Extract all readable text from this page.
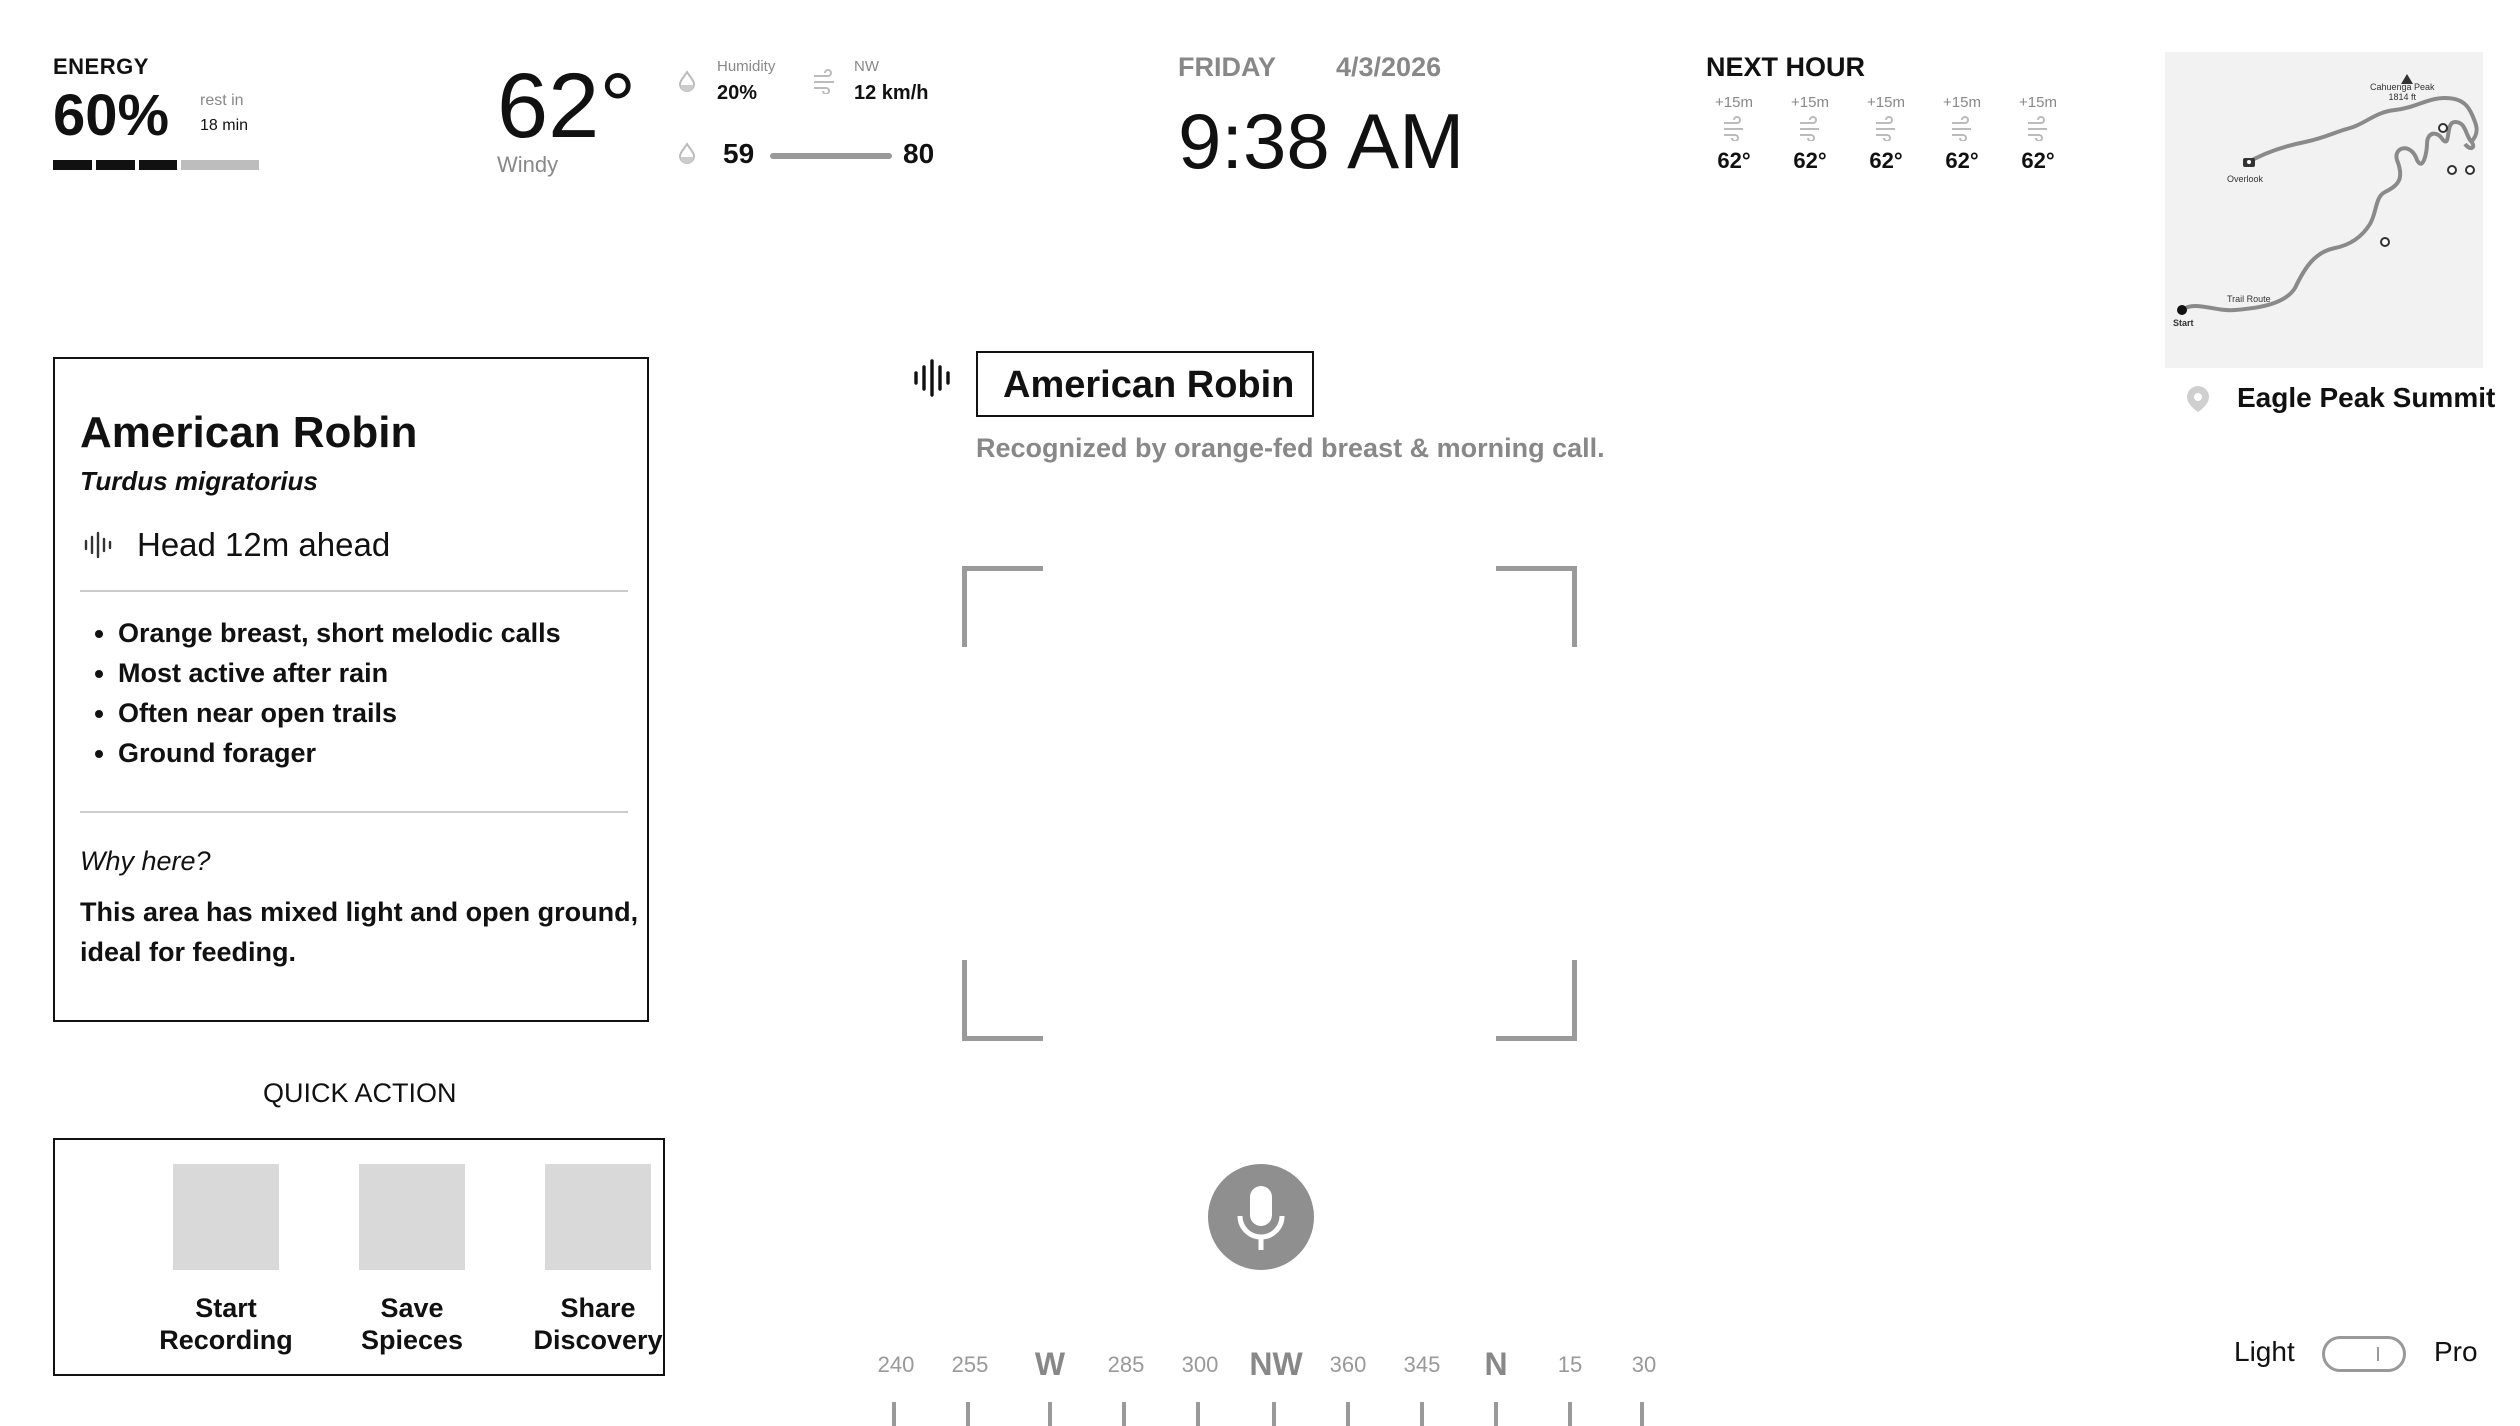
ENERGY
60% rest in
18 min	62°
Windy
Humidity
20%
NW
12 km/h
59	80
FRIDAY 4/3/2026
9:38 AM
NEXT HOUR
+15m
62°
+15m
62°
+15m
62°
+15m
62°
+15m
62°
Cahuenga Peak
1814 ft
Overlook
Trail Route
Start
Eagle Peak Summit
American Robin
Turdus migratorius
Head 12m ahead
• Orange breast, short melodic calls
• Most active after rain
• Often near open trails
• Ground forager
Why here?
This area has mixed light and open ground, ideal for feeding.
QUICK ACTION
Start
Recording
Save
Spieces
Share
Discovery
American Robin
Recognized by orange-fed breast & morning call.
240 255 W 285 300 NW 360 345 N 15 30	Light	Pro
